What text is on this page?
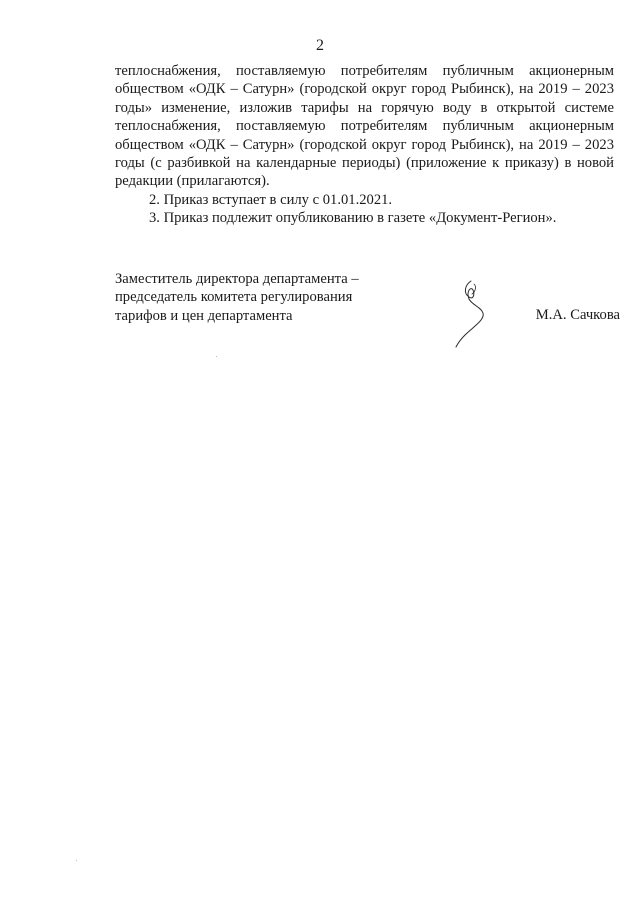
2

теплоснабжения, поставляемую потребителям публичным акционерным обществом «ОДК – Сатурн» (городской округ город Рыбинск), на 2019 – 2023 годы» изменение, изложив тарифы на горячую воду в открытой системе теплоснабжения, поставляемую потребителям публичным акционерным обществом «ОДК – Сатурн» (городской округ город Рыбинск), на 2019 – 2023 годы (с разбивкой на календарные периоды) (приложение к приказу) в новой редакции (прилагаются).

2. Приказ вступает в силу с 01.01.2021.

3. Приказ подлежит опубликованию в газете «Документ-Регион».

Заместитель директора департамента –
председатель комитета регулирования
тарифов и цен департамента	М.А. Сачкова
